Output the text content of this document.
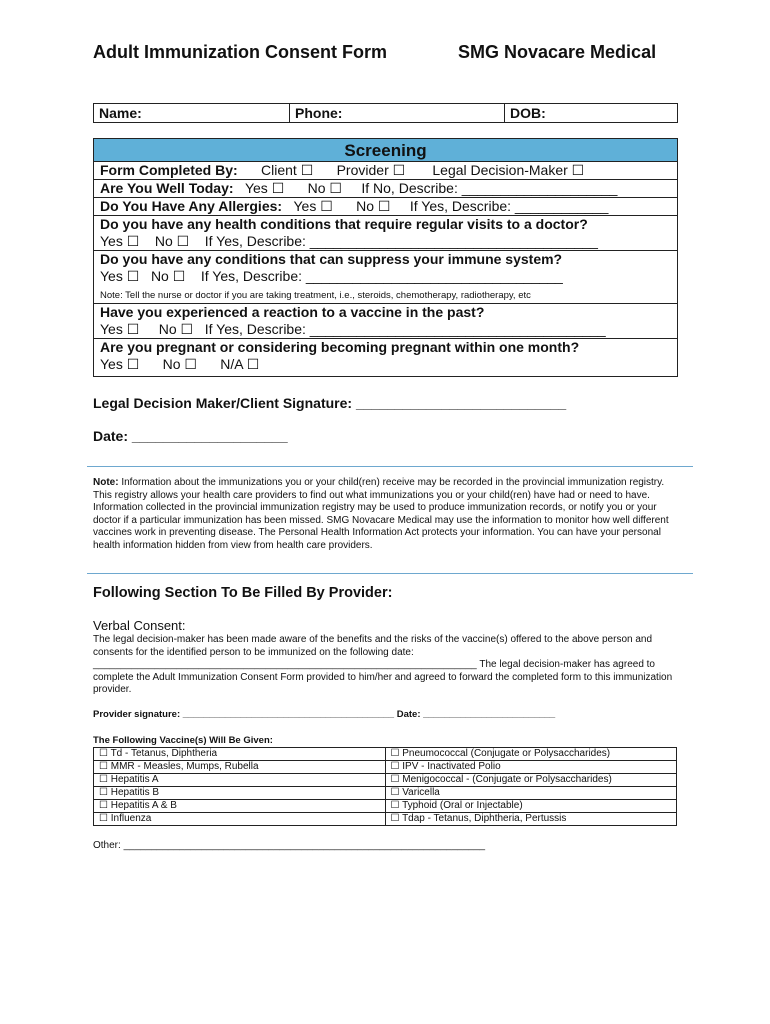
Adult Immunization Consent Form	SMG Novacare Medical
Name:	Phone:	DOB:
Screening
Form Completed By:      Client ☐      Provider ☐       Legal Decision-Maker ☐
Are You Well Today:   Yes ☐      No ☐     If No, Describe: ____________________
Do You Have Any Allergies:   Yes ☐      No ☐     If Yes, Describe: ____________
Do you have any health conditions that require regular visits to a doctor?
Yes ☐    No ☐    If Yes, Describe: _____________________________________
Do you have any conditions that can suppress your immune system?
Yes ☐   No ☐    If Yes, Describe: _________________________________
Note: Tell the nurse or doctor if you are taking treatment, i.e., steroids, chemotherapy, radiotherapy, etc
Have you experienced a reaction to a vaccine in the past?
Yes ☐     No ☐   If Yes, Describe: ______________________________________
Are you pregnant or considering becoming pregnant within one month?
Yes ☐      No ☐      N/A ☐
Legal Decision Maker/Client Signature: ___________________________
Date: ____________________
Note: Information about the immunizations you or your child(ren) receive may be recorded in the provincial immunization registry. This registry allows your health care providers to find out what immunizations you or your child(ren) have had or need to have. Information collected in the provincial immunization registry may be used to produce immunization records, or notify you or your doctor if a particular immunization has been missed. SMG Novacare Medical may use the information to monitor how well different vaccines work in preventing disease. The Personal Health Information Act protects your information. You can have your personal health information hidden from view from health care providers.
Following Section To Be Filled By Provider:
Verbal Consent:
The legal decision-maker has been made aware of the benefits and the risks of the vaccine(s) offered to the above person and consents for the identified person to be immunized on the following date:
_____________________________________________________________________ The legal decision-maker has agreed to complete the Adult Immunization Consent Form provided to him/her and agreed to forward the completed form to this immunization provider.
Provider signature: ________________________________________ Date: _________________________
The Following Vaccine(s) Will Be Given:
☐ Td - Tetanus, Diphtheria	☐ Pneumococcal (Conjugate or Polysaccharides)
☐ MMR - Measles, Mumps, Rubella	☐ IPV - Inactivated Polio
☐ Hepatitis A	☐ Menigococcal - (Conjugate or Polysaccharides)
☐ Hepatitis B	☐ Varicella
☐ Hepatitis A & B	☐ Typhoid (Oral or Injectable)
☐ Influenza	☐ Tdap - Tetanus, Diphtheria, Pertussis
Other: _________________________________________________________________
